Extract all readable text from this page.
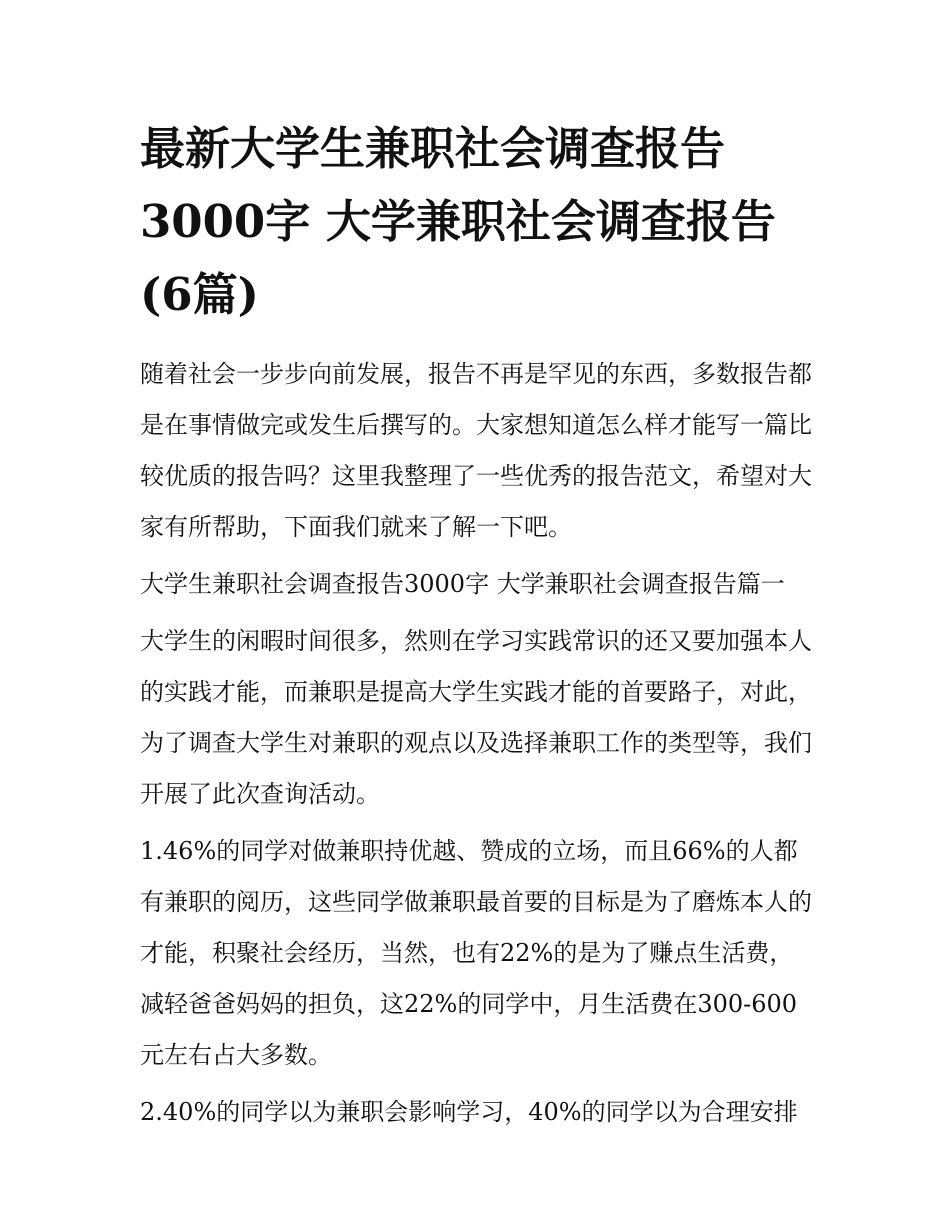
最新大学生兼职社会调查报告3000字 大学兼职社会调查报告(6篇)

随着社会一步步向前发展，报告不再是罕见的东西，多数报告都是在事情做完或发生后撰写的。大家想知道怎么样才能写一篇比较优质的报告吗？这里我整理了一些优秀的报告范文，希望对大家有所帮助，下面我们就来了解一下吧。

大学生兼职社会调查报告3000字 大学兼职社会调查报告篇一

大学生的闲暇时间很多，然则在学习实践常识的还又要加强本人的实践才能，而兼职是提高大学生实践才能的首要路子，对此，为了调查大学生对兼职的观点以及选择兼职工作的类型等，我们开展了此次查询活动。

1.46%的同学对做兼职持优越、赞成的立场，而且66%的人都有兼职的阅历，这些同学做兼职最首要的目标是为了磨炼本人的才能，积聚社会经历，当然，也有22%的是为了赚点生活费，减轻爸爸妈妈的担负，这22%的同学中，月生活费在300-600元左右占大多数。

2.40%的同学以为兼职会影响学习，40%的同学以为合理安排
